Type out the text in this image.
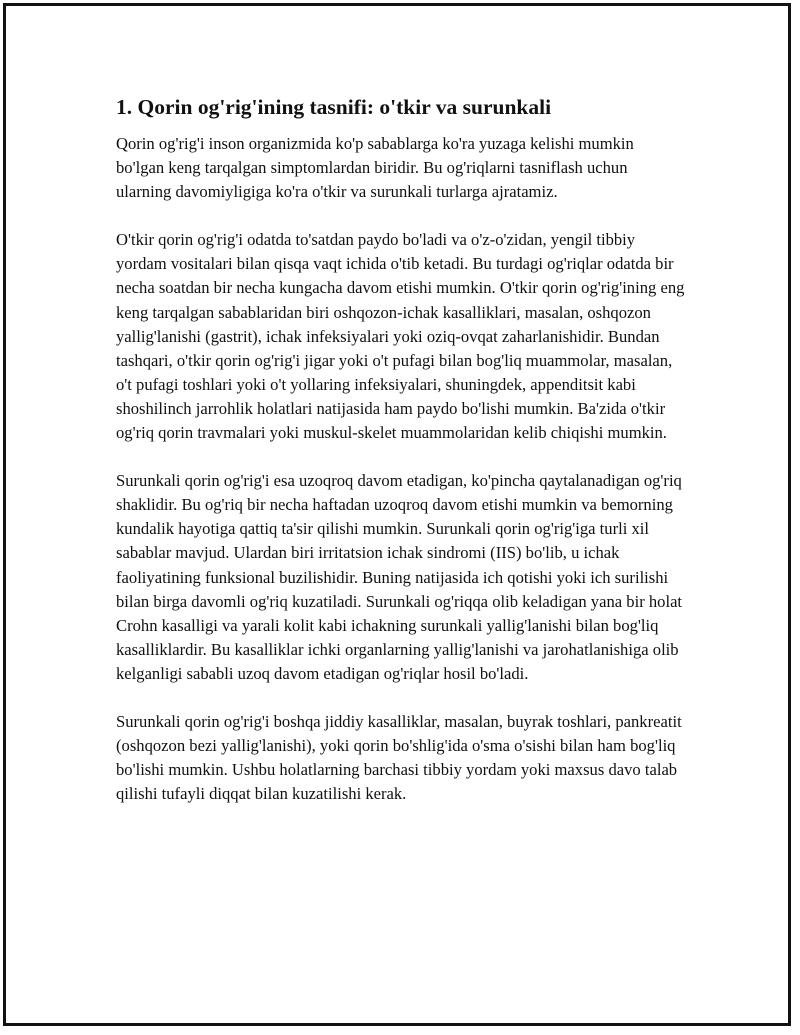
1. Qorin og'rig'ining tasnifi: o'tkir va surunkali

Qorin og'rig'i inson organizmida ko'p sabablarga ko'ra yuzaga kelishi mumkin bo'lgan keng tarqalgan simptomlardan biridir. Bu og'riqlarni tasniflash uchun ularning davomiyligiga ko'ra o'tkir va surunkali turlarga ajratamiz.

O'tkir qorin og'rig'i odatda to'satdan paydo bo'ladi va o'z-o'zidan, yengil tibbiy yordam vositalari bilan qisqa vaqt ichida o'tib ketadi. Bu turdagi og'riqlar odatda bir necha soatdan bir necha kungacha davom etishi mumkin. O'tkir qorin og'rig'ining eng keng tarqalgan sabablaridan biri oshqozon-ichak kasalliklari, masalan, oshqozon yallig'lanishi (gastrit), ichak infeksiyalari yoki oziq-ovqat zaharlanishidir. Bundan tashqari, o'tkir qorin og'rig'i jigar yoki o't pufagi bilan bog'liq muammolar, masalan, o't pufagi toshlari yoki o't yollaring infeksiyalari, shuningdek, appenditsit kabi shoshilinch jarrohlik holatlari natijasida ham paydo bo'lishi mumkin. Ba'zida o'tkir og'riq qorin travmalari yoki muskul-skelet muammolaridan kelib chiqishi mumkin.

Surunkali qorin og'rig'i esa uzoqroq davom etadigan, ko'pincha qaytalanadigan og'riq shaklidir. Bu og'riq bir necha haftadan uzoqroq davom etishi mumkin va bemorning kundalik hayotiga qattiq ta'sir qilishi mumkin. Surunkali qorin og'rig'iga turli xil sabablar mavjud. Ulardan biri irritatsion ichak sindromi (IIS) bo'lib, u ichak faoliyatining funksional buzilishidir. Buning natijasida ich qotishi yoki ich surilishi bilan birga davomli og'riq kuzatiladi. Surunkali og'riqqa olib keladigan yana bir holat Crohn kasalligi va yarali kolit kabi ichakning surunkali yallig'lanishi bilan bog'liq kasalliklardir. Bu kasalliklar ichki organlarning yallig'lanishi va jarohatlanishiga olib kelganligi sababli uzoq davom etadigan og'riqlar hosil bo'ladi.

Surunkali qorin og'rig'i boshqa jiddiy kasalliklar, masalan, buyrak toshlari, pankreatit (oshqozon bezi yallig'lanishi), yoki qorin bo'shlig'ida o'sma o'sishi bilan ham bog'liq bo'lishi mumkin. Ushbu holatlarning barchasi tibbiy yordam yoki maxsus davo talab qilishi tufayli diqqat bilan kuzatilishi kerak.
